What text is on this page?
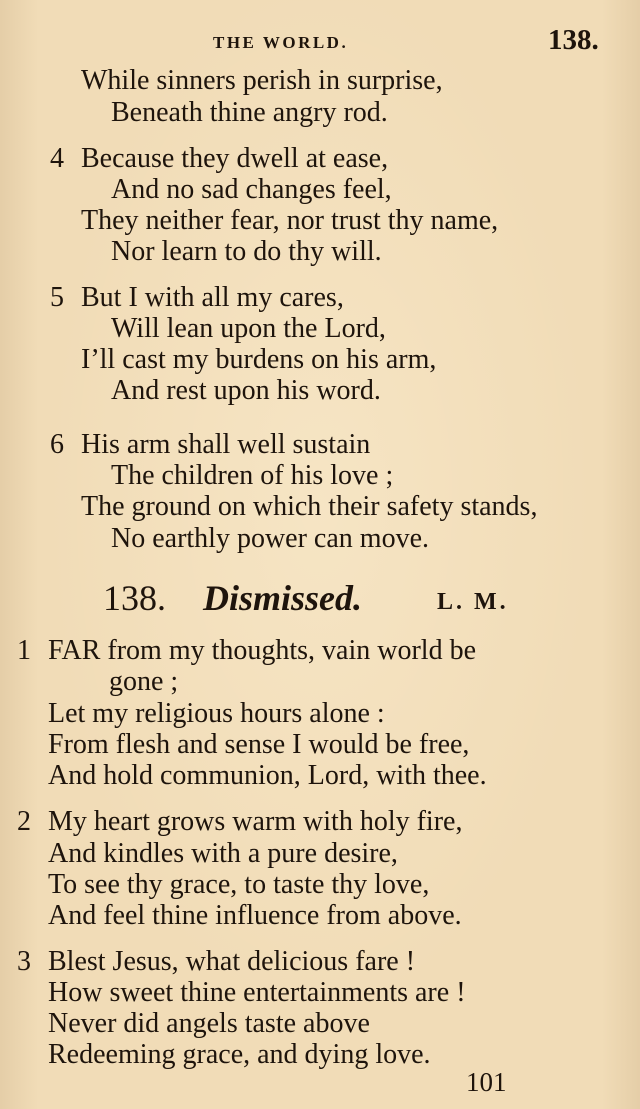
THE WORLD.	138.
While sinners perish in surprise,
Beneath thine angry rod.
4 Because they dwell at ease,
And no sad changes feel,
They neither fear, nor trust thy name,
Nor learn to do thy will.
5 But I with all my cares,
Will lean upon the Lord,
I’ll cast my burdens on his arm,
And rest upon his word.
6 His arm shall well sustain
The children of his love ;
The ground on which their safety stands,
No earthly power can move.
138. Dismissed.	L. M.
1 FAR from my thoughts, vain world be
gone ;
Let my religious hours alone :
From flesh and sense I would be free,
And hold communion, Lord, with thee.
2 My heart grows warm with holy fire,
And kindles with a pure desire,
To see thy grace, to taste thy love,
And feel thine influence from above.
3 Blest Jesus, what delicious fare !
How sweet thine entertainments are !
Never did angels taste above
Redeeming grace, and dying love.
101
